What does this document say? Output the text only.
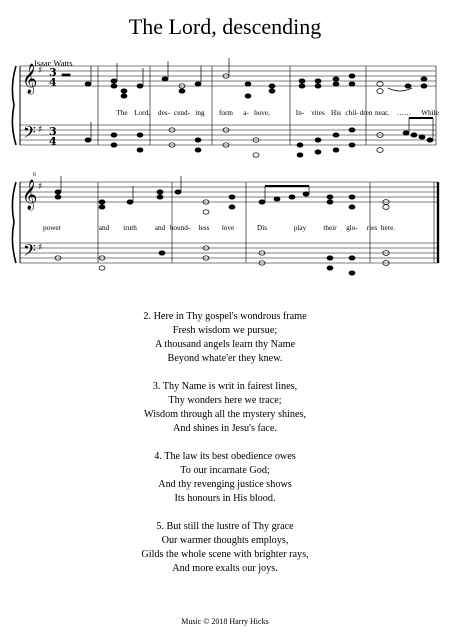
The Lord, descending
Isaac Watts
6
𝄞
𝄢
♯
♯
3
4
3
4
𝄞
𝄢
♯
♯
The Lord, des- cend- ing form a- bove,	In- vites His chil- dren near, …… While
power	and truth	and bound- less love	Dis	play their glo- ries here.
2. Here in Thy gospel's wondrous frame
Fresh wisdom we pursue;
A thousand angels learn thy Name
Beyond whate'er they knew.
3. Thy Name is writ in fairest lines,
Thy wonders here we trace;
Wisdom through all the mystery shines,
And shines in Jesu's face.
4. The law its best obedience owes
To our incarnate God;
And thy revenging justice shows
Its honours in His blood.
5. But still the lustre of Thy grace
Our warmer thoughts employs,
Gilds the whole scene with brighter rays,
And more exalts our joys.
Music © 2018 Harry Hicks
